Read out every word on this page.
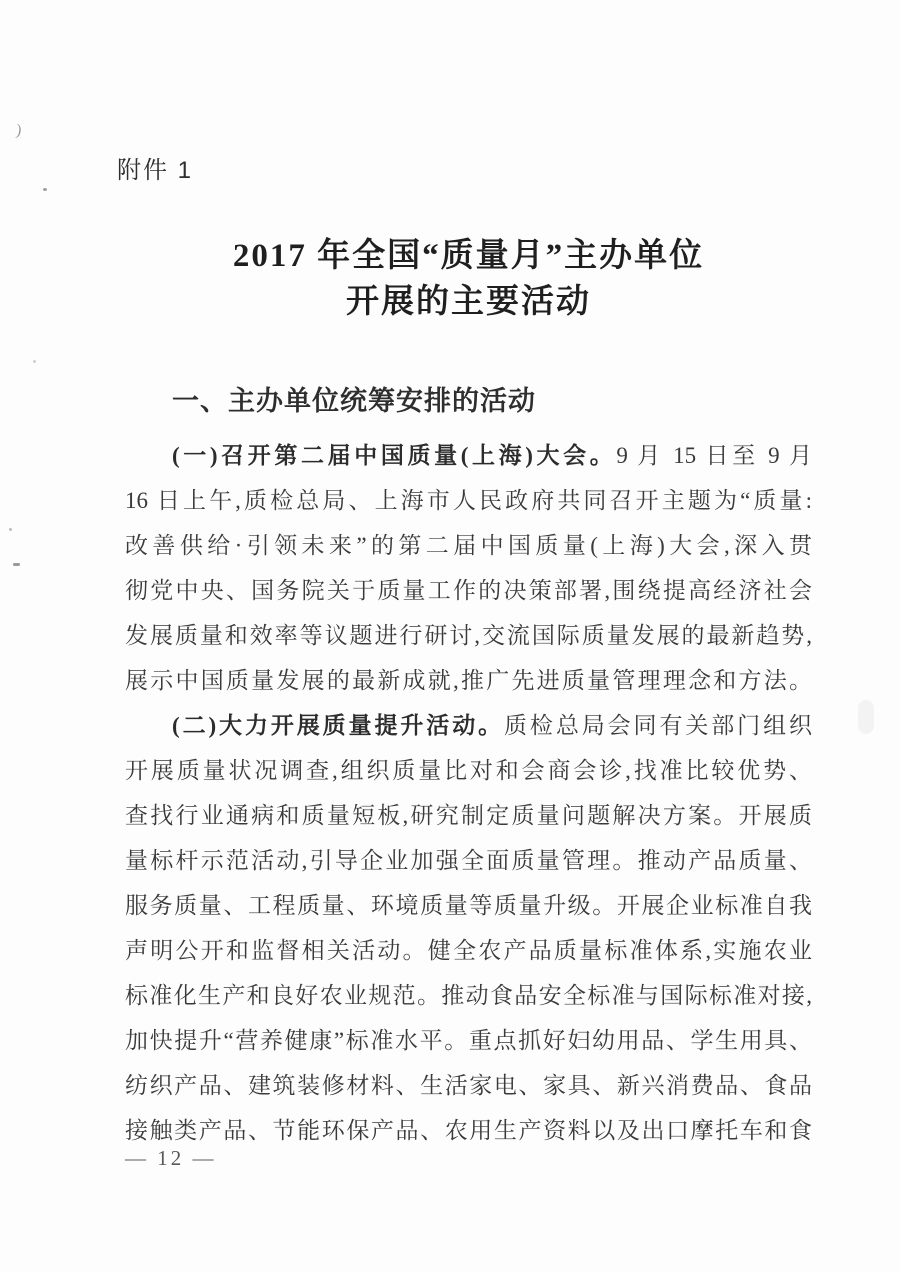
附件 1
2017 年全国“质量月”主办单位
开展的主要活动
一、主办单位统筹安排的活动
(一)召开第二届中国质量(上海)大会。9 月 15 日至 9 月
16 日上午,质检总局、上海市人民政府共同召开主题为“质量:
改善供给·引领未来”的第二届中国质量(上海)大会,深入贯
彻党中央、国务院关于质量工作的决策部署,围绕提高经济社会
发展质量和效率等议题进行研讨,交流国际质量发展的最新趋势,
展示中国质量发展的最新成就,推广先进质量管理理念和方法。
(二)大力开展质量提升活动。质检总局会同有关部门组织
开展质量状况调查,组织质量比对和会商会诊,找准比较优势、
查找行业通病和质量短板,研究制定质量问题解决方案。开展质
量标杆示范活动,引导企业加强全面质量管理。推动产品质量、
服务质量、工程质量、环境质量等质量升级。开展企业标准自我
声明公开和监督相关活动。健全农产品质量标准体系,实施农业
标准化生产和良好农业规范。推动食品安全标准与国际标准对接,
加快提升“营养健康”标准水平。重点抓好妇幼用品、学生用具、
纺织产品、建筑装修材料、生活家电、家具、新兴消费品、食品
接触类产品、节能环保产品、农用生产资料以及出口摩托车和食
— 12 —
)
